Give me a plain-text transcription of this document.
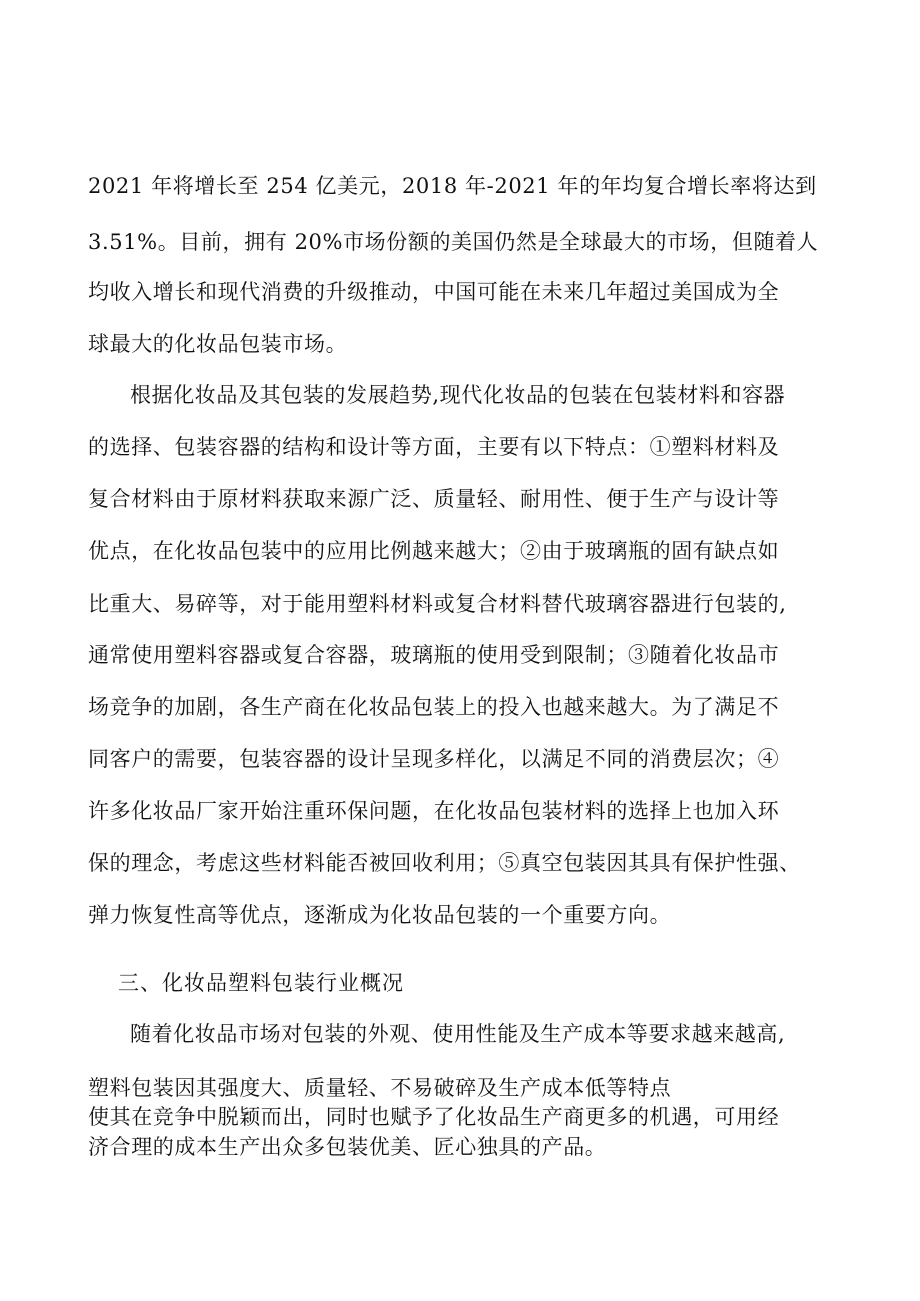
2021 年将增长至 254 亿美元，2018 年-2021 年的年均复合增长率将达到
3.51%。目前，拥有 20%市场份额的美国仍然是全球最大的市场，但随着人
均收入增长和现代消费的升级推动，中国可能在未来几年超过美国成为全
球最大的化妆品包装市场。
根据化妆品及其包装的发展趋势,现代化妆品的包装在包装材料和容器
的选择、包装容器的结构和设计等方面，主要有以下特点：①塑料材料及
复合材料由于原材料获取来源广泛、质量轻、耐用性、便于生产与设计等
优点，在化妆品包装中的应用比例越来越大；②由于玻璃瓶的固有缺点如
比重大、易碎等，对于能用塑料材料或复合材料替代玻璃容器进行包装的,
通常使用塑料容器或复合容器，玻璃瓶的使用受到限制；③随着化妆品市
场竞争的加剧，各生产商在化妆品包装上的投入也越来越大。为了满足不
同客户的需要，包装容器的设计呈现多样化，以满足不同的消费层次；④
许多化妆品厂家开始注重环保问题，在化妆品包装材料的选择上也加入环
保的理念，考虑这些材料能否被回收利用；⑤真空包装因其具有保护性强、
弹力恢复性高等优点，逐渐成为化妆品包装的一个重要方向。
三、化妆品塑料包装行业概况
随着化妆品市场对包装的外观、使用性能及生产成本等要求越来越高,
塑料包装因其强度大、质量轻、不易破碎及生产成本低等特点
使其在竞争中脱颖而出，同时也赋予了化妆品生产商更多的机遇，可用经
济合理的成本生产出众多包装优美、匠心独具的产品。
